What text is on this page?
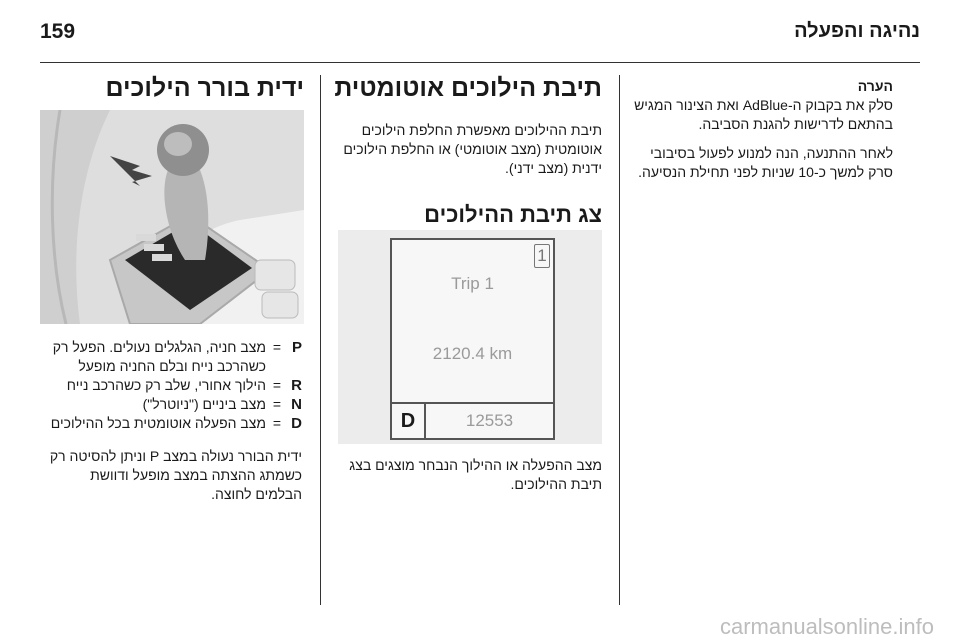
159	נהיגה והפעלה
הערה

סלק את בקבוק ה-AdBlue ואת הצינור המגיש בהתאם לדרישות להגנת הסביבה.

לאחר ההתנעה, הנה למנוע לפעול בסיבובי סרק למשך כ-10 שניות לפני תחילת הנסיעה.

תיבת הילוכים אוטומטית

תיבת ההילוכים מאפשרת החלפת הילוכים אוטומטית (מצב אוטומטי) או החלפת הילוכים ידנית (מצב ידני).

צג תיבת ההילוכים
1
Trip 1
2120.4 km
D	12553

מצב ההפעלה או ההילוך הנבחר מוצגים בצג תיבת ההילוכים.

ידית בורר הילוכים
P
=
מצב חניה, הגלגלים נעולים. הפעל רק כשהרכב נייח ובלם החניה מופעל
R
=
הילוך אחורי, שלב רק כשהרכב נייח
N
=
מצב ביניים ("ניוטרל")
D
=
מצב הפעלה אוטומטית בכל ההילוכים

ידית הבורר נעולה במצב P וניתן להסיטה רק כשמתג ההצתה במצב מופעל ודוושת הבלמים לחוצה.

carmanualsonline.info
